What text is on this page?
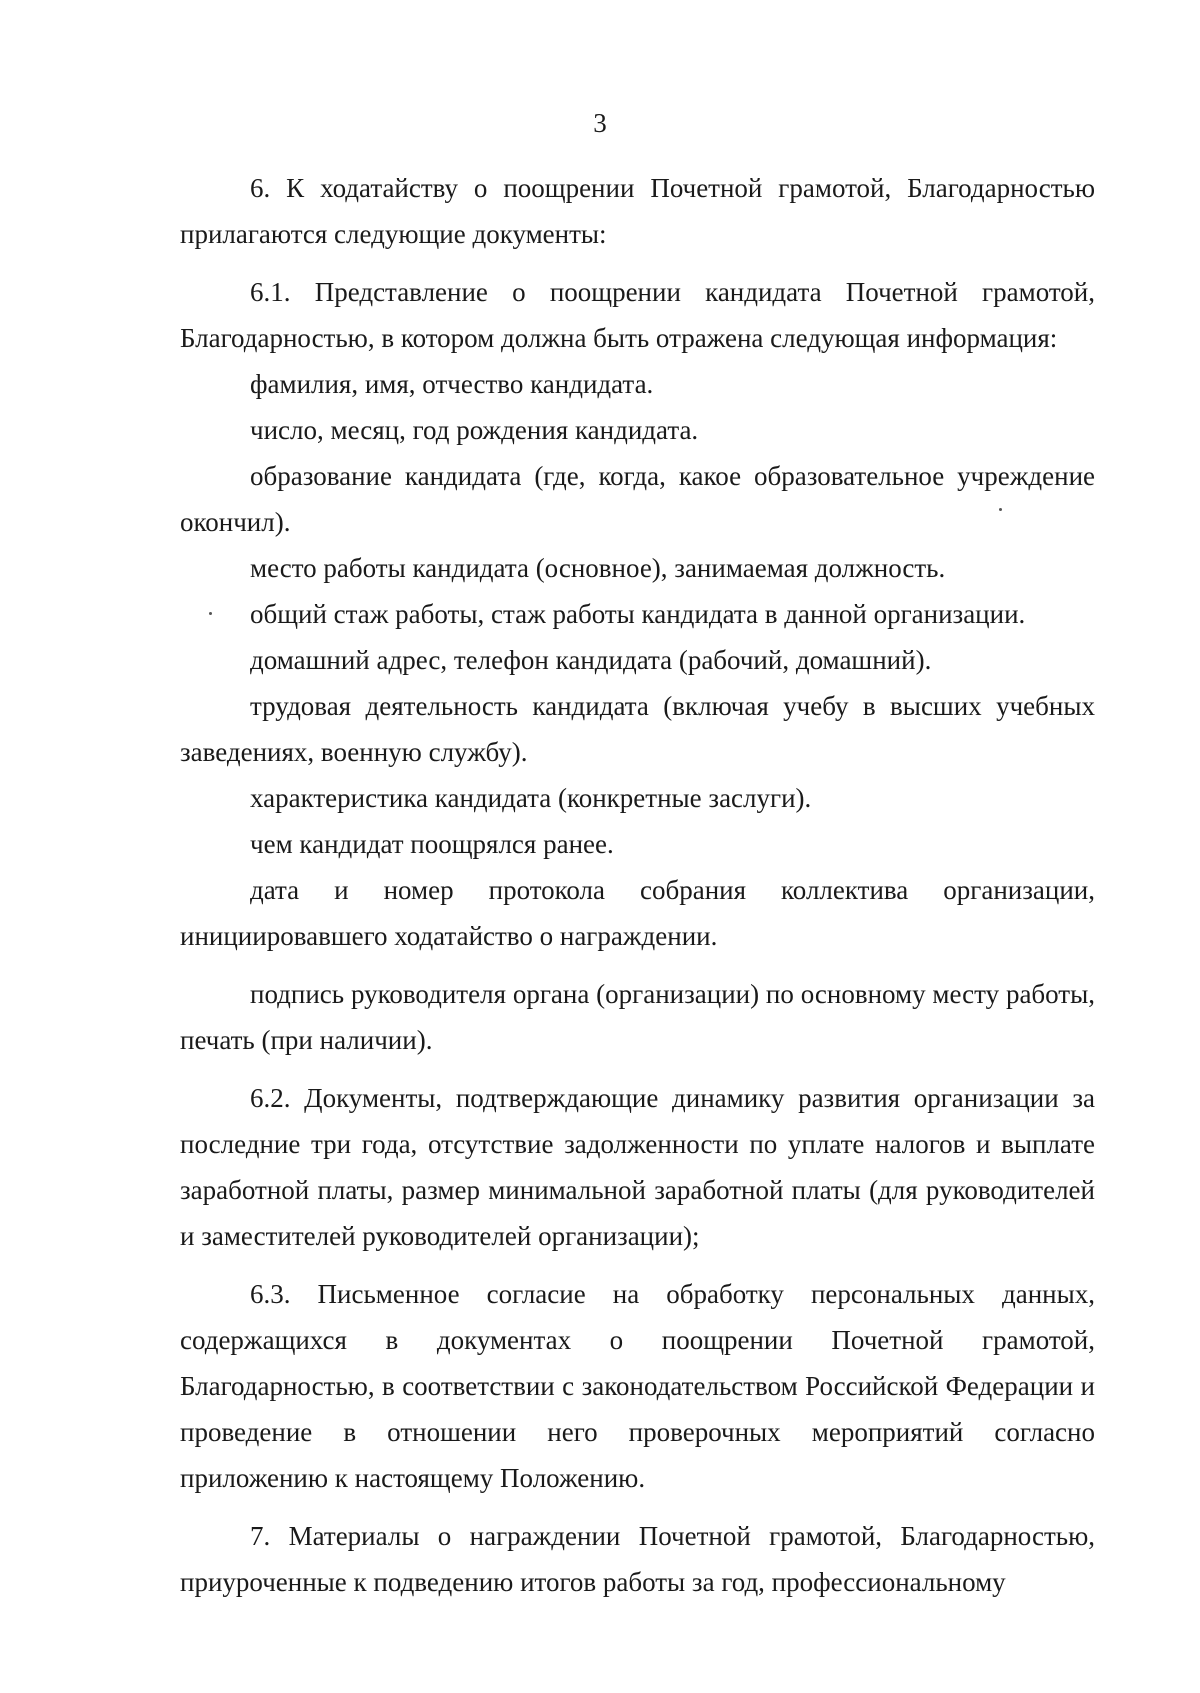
3

6. К ходатайству о поощрении Почетной грамотой, Благодарностью прилагаются следующие документы:

6.1. Представление о поощрении кандидата Почетной грамотой, Благодарностью, в котором должна быть отражена следующая информация:

фамилия, имя, отчество кандидата.

число, месяц, год рождения кандидата.

образование кандидата (где, когда, какое образовательное учреждение окончил).

место работы кандидата (основное), занимаемая должность.

общий стаж работы, стаж работы кандидата в данной организации.

домашний адрес, телефон кандидата (рабочий, домашний).

трудовая деятельность кандидата (включая учебу в высших учебных заведениях, военную службу).

характеристика кандидата (конкретные заслуги).

чем кандидат поощрялся ранее.

дата и номер протокола собрания коллектива организации, инициировавшего ходатайство о награждении.

подпись руководителя органа (организации) по основному месту работы, печать (при наличии).

6.2. Документы, подтверждающие динамику развития организации за последние три года, отсутствие задолженности по уплате налогов и выплате заработной платы, размер минимальной заработной платы (для руководителей и заместителей руководителей организации);

6.3. Письменное согласие на обработку персональных данных, содержащихся в документах о поощрении Почетной грамотой, Благодарностью, в соответствии с законодательством Российской Федерации и проведение в отношении него проверочных мероприятий согласно приложению к настоящему Положению.

7. Материалы о награждении Почетной грамотой, Благодарностью, приуроченные к подведению итогов работы за год, профессиональному
